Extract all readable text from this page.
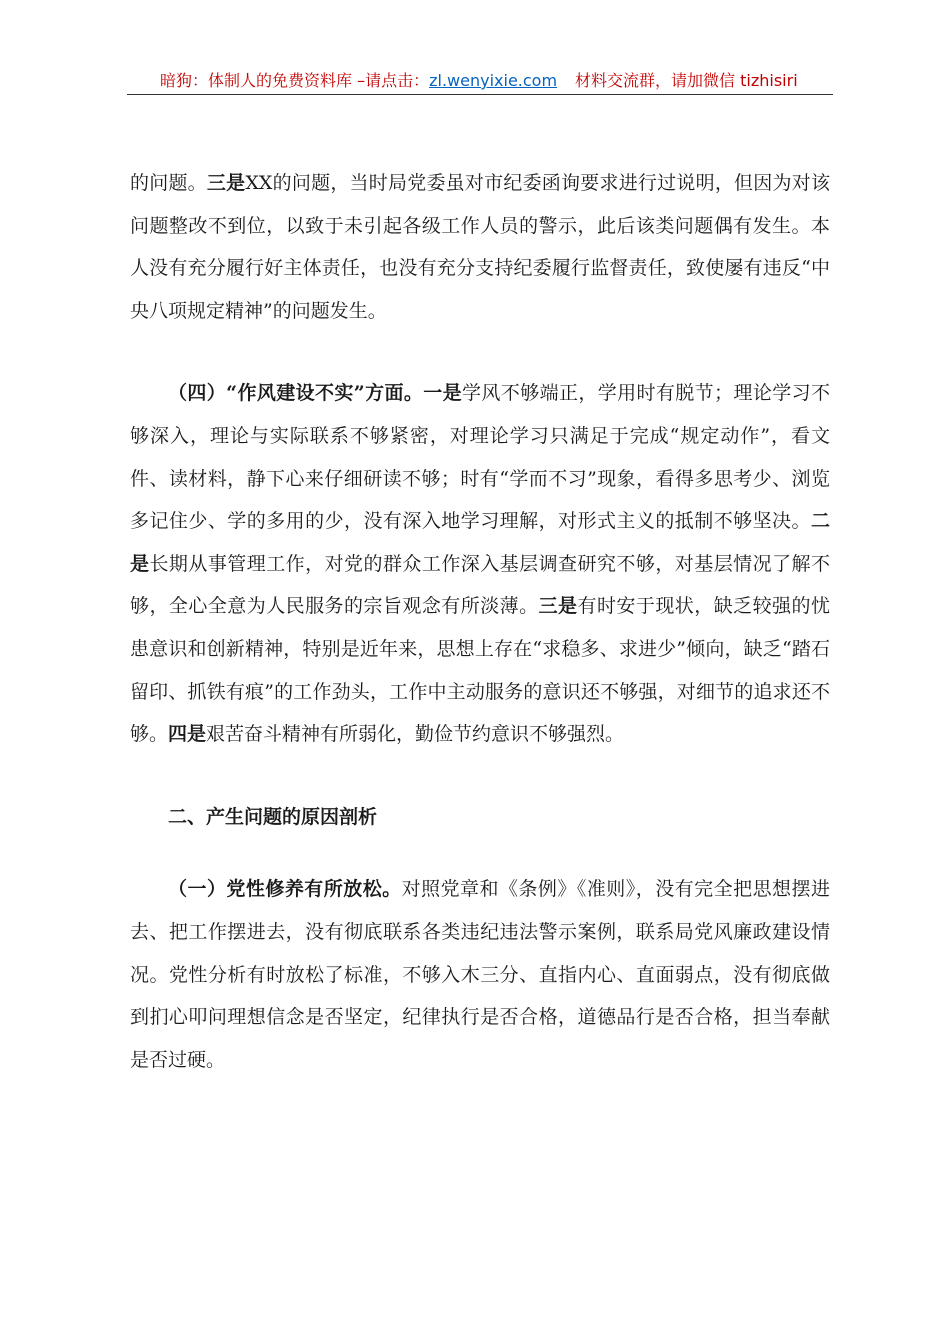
暗狗：体制人的免费资料库 –请点击：zl.wenyixie.com 材料交流群，请加微信 tizhisiri

的问题。三是XX的问题，当时局党委虽对市纪委函询要求进行过说明，但因为对该问题整改不到位，以致于未引起各级工作人员的警示，此后该类问题偶有发生。本人没有充分履行好主体责任，也没有充分支持纪委履行监督责任，致使屡有违反“中央八项规定精神”的问题发生。

（四）“作风建设不实”方面。一是学风不够端正，学用时有脱节；理论学习不够深入，理论与实际联系不够紧密，对理论学习只满足于完成“规定动作”，看文件、读材料，静下心来仔细研读不够；时有“学而不习”现象，看得多思考少、浏览多记住少、学的多用的少，没有深入地学习理解，对形式主义的抵制不够坚决。二是长期从事管理工作，对党的群众工作深入基层调查研究不够，对基层情况了解不够，全心全意为人民服务的宗旨观念有所淡薄。三是有时安于现状，缺乏较强的忧患意识和创新精神，特别是近年来，思想上存在“求稳多、求进少”倾向，缺乏“踏石留印、抓铁有痕”的工作劲头，工作中主动服务的意识还不够强，对细节的追求还不够。四是艰苦奋斗精神有所弱化，勤俭节约意识不够强烈。

二、产生问题的原因剖析

（一）党性修养有所放松。对照党章和《条例》《准则》，没有完全把思想摆进去、把工作摆进去，没有彻底联系各类违纪违法警示案例，联系局党风廉政建设情况。党性分析有时放松了标准，不够入木三分、直指内心、直面弱点，没有彻底做到扪心叩问理想信念是否坚定，纪律执行是否合格，道德品行是否合格，担当奉献是否过硬。
